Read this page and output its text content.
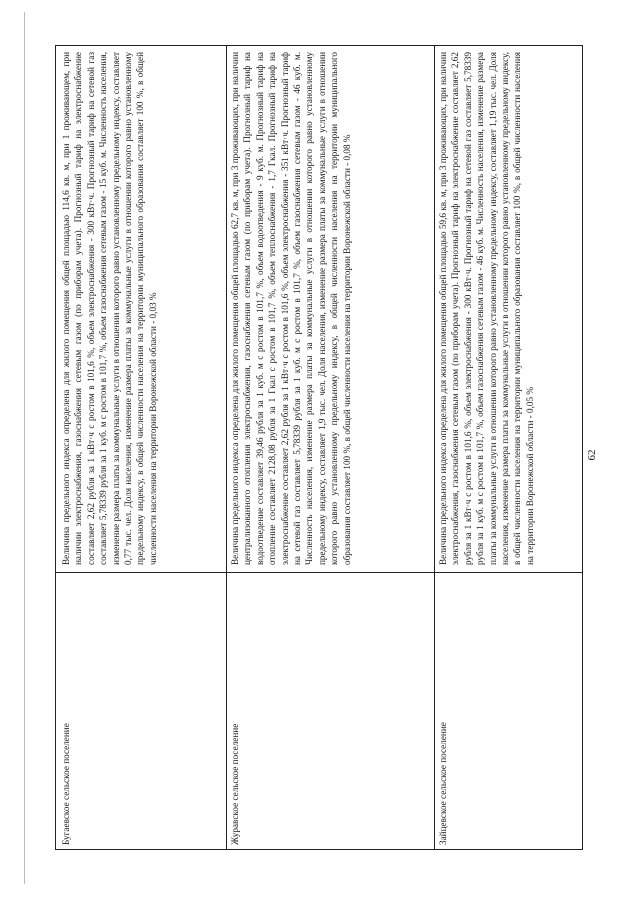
62
Бугаевское сельское поселение
Величина предельного индекса определена для жилого помещения общей площадью 114,6 кв. м, при 1 проживающем, при наличии электроснабжения, газоснабжения сетевым газом (по приборам учета). Прогнозный тариф на электроснабжение составляет 2,62 рубля за 1 кВт·ч с ростом в 101,6 %, объем электроснабжения - 300 кВт·ч. Прогнозный тариф на сетевой газ составляет 5,78339 рубля за 1 куб. м с ростом в 101,7 %, объем газоснабжения сетевым газом - 15 куб. м. Численность населения, изменение размера платы за коммунальные услуги в отношении которого равно установленному предельному индексу, составляет 0,77 тыс. чел. Доля населения, изменение размера платы за коммунальные услуги в отношении которого равно установленному предельному индексу, в общей численности населения на территории муниципального образования составляет 100 %, в общей численности населения на территории Воронежской области - 0,03 %
Журавское сельское поселение
Величина предельного индекса определена для жилого помещения общей площадью 62,7 кв. м, при 3 проживающих, при наличии централизованного отопления электроснабжения, газоснабжения сетевым газом (по приборам учета). Прогнозный тариф на водоотведение составляет 39,46 рубля за 1 куб. м с ростом в 101,7 %, объем водоотведения - 9 куб. м. Прогнозный тариф на отопление составляет 2128,08 рубля за 1 Гкал с ростом в 101,7 %, объем теплоснабжения - 1,7 Гкал. Прогнозный тариф на электроснабжение составляет 2,62 рубля за 1 кВт·ч с ростом в 101,6 %, объем электроснабжения - 351 кВт·ч. Прогнозный тариф на сетевой газ составляет 5,78339 рубля за 1 куб. м с ростом в 101,7 %, объем газоснабжения сетевым газом - 46 куб. м. Численность населения, изменение размера платы за коммунальные услуги в отношении которого равно установленному предельному индексу, составляет 1,9 тыс. чел. Доля населения, изменение размера платы за коммунальные услуги в отношении которого равно установленному предельному индексу, в общей численности населения на территории муниципального образования составляет 100 %, в общей численности населения на территории Воронежской области - 0,08 %
Зайцевское сельское поселение
Величина предельного индекса определена для жилого помещения общей площадью 59,6 кв. м, при 3 проживающих, при наличии электроснабжения, газоснабжения сетевым газом (по приборам учета). Прогнозный тариф на электроснабжение составляет 2,62 рубля за 1 кВт·ч с ростом в 101,6 %, объем электроснабжения - 300 кВт·ч. Прогнозный тариф на сетевой газ составляет 5,78339 рубля за 1 куб. м с ростом в 101,7 %, объем газоснабжения сетевым газом - 46 куб. м. Численность населения, изменение размера платы за коммунальные услуги в отношении которого равно установленному предельному индексу, составляет 1,19 тыс. чел. Доля населения, изменение размера платы за коммунальные услуги в отношении которого равно установленному предельному индексу, в общей численности населения на территории муниципального образования составляет 100 %, в общей численности населения на территории Воронежской области - 0,05 %
